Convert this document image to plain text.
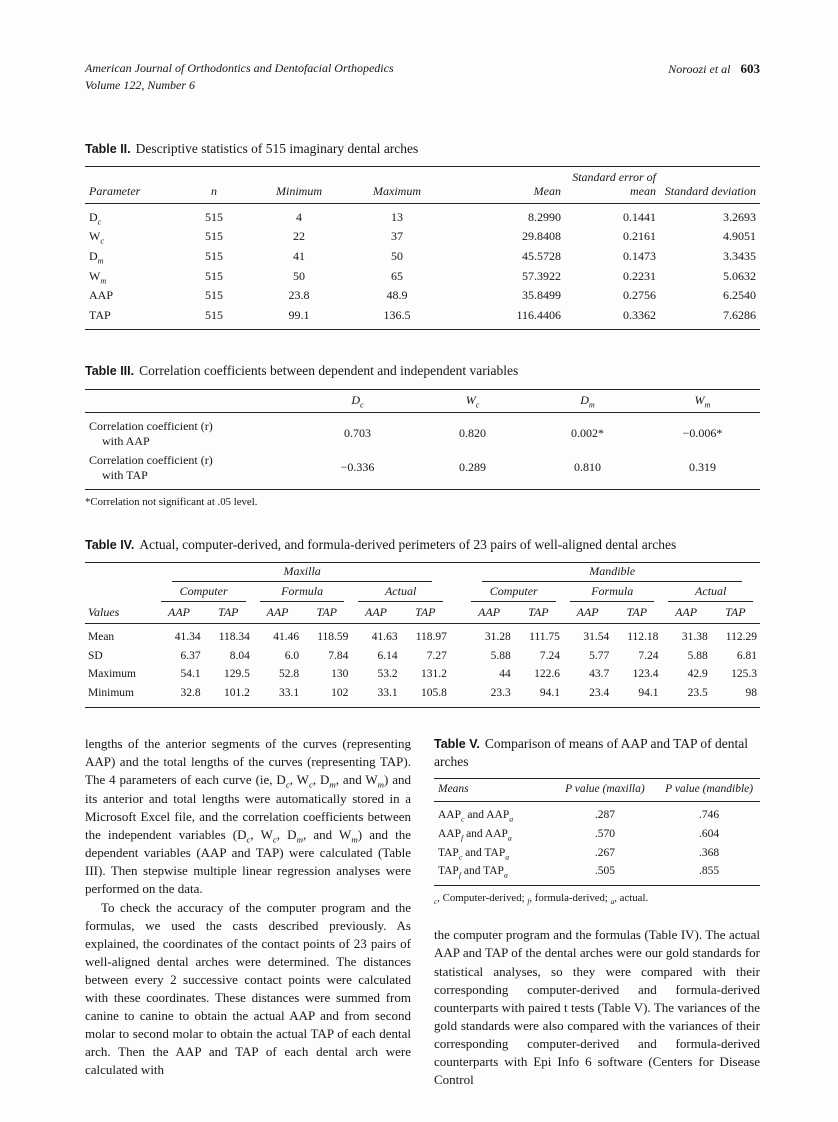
American Journal of Orthodontics and Dentofacial Orthopedics
Volume 122, Number 6
Noroozi et al 603

Table II. Descriptive statistics of 515 imaginary dental arches

Parameter	n	Minimum	Maximum	Mean	Standard error of mean	Standard deviation
$D_c$	515	4	13	8.2990	0.1441	3.2693
$W_c$	515	22	37	29.8408	0.2161	4.9051
$D_m$	515	41	50	45.5728	0.1473	3.3435
$W_m$	515	50	65	57.3922	0.2231	5.0632
AAP	515	23.8	48.9	35.8499	0.2756	6.2540
TAP	515	99.1	136.5	116.4406	0.3362	7.6286

Table III. Correlation coefficients between dependent and independent variables

	$D_c$	$W_c$	$D_m$	$W_m$

Correlation coefficient (r)
with AAP	0.703	0.820	0.002*	−0.006*

Correlation coefficient (r)
with TAP	−0.336	0.289	0.810	0.319

*Correlation not significant at .05 level.

Table IV. Actual, computer-derived, and formula-derived perimeters of 23 pairs of well-aligned dental arches

	Maxilla							Mandible					

	Computer		Formula		Actual			Computer		Formula		Actual	

Values	AAP	TAP	AAP	TAP	AAP	TAP		AAP	TAP	AAP	TAP	AAP	TAP
Mean	41.34	118.34	41.46	118.59	41.63	118.97		31.28	111.75	31.54	112.18	31.38	112.29
SD	6.37	8.04	6.0	7.84	6.14	7.27		5.88	7.24	5.77	7.24	5.88	6.81
Maximum	54.1	129.5	52.8	130	53.2	131.2		44	122.6	43.7	123.4	42.9	125.3
Minimum	32.8	101.2	33.1	102	33.1	105.8		23.3	94.1	23.4	94.1	23.5	98

lengths of the anterior segments of the curves (representing AAP) and the total lengths of the curves (representing TAP). The 4 parameters of each curve (ie, $D_c$, $W_c$, $D_m$, and $W_m$) and its anterior and total lengths were automatically stored in a Microsoft Excel file, and the correlation coefficients between the independent variables ($D_c$, $W_c$, $D_m$, and $W_m$) and the dependent variables (AAP and TAP) were calculated (Table III). Then stepwise multiple linear regression analyses were performed on the data.

To check the accuracy of the computer program and the formulas, we used the casts described previously. As explained, the coordinates of the contact points of 23 pairs of well-aligned dental arches were determined. The distances between every 2 successive contact points were calculated with these coordinates. These distances were summed from canine to canine to obtain the actual AAP and from second molar to second molar to obtain the actual TAP of each dental arch. Then the AAP and TAP of each dental arch were calculated with

Table V. Comparison of means of AAP and TAP of dental arches

Means	P value (maxilla)	P value (mandible)
$AAP_c$ and $AAP_a$	.287	.746
$AAP_f$ and $AAP_a$	.570	.604
$TAP_c$ and $TAP_a$	.267	.368
$TAP_f$ and $TAP_a$	.505	.855

$_c$, Computer-derived; $_f$, formula-derived; $_a$, actual.

the computer program and the formulas (Table IV). The actual AAP and TAP of the dental arches were our gold standards for statistical analyses, so they were compared with their corresponding computer-derived and formula-derived counterparts with paired t tests (Table V). The variances of the gold standards were also compared with the variances of their corresponding computer-derived and formula-derived counterparts with Epi Info 6 software (Centers for Disease Control
